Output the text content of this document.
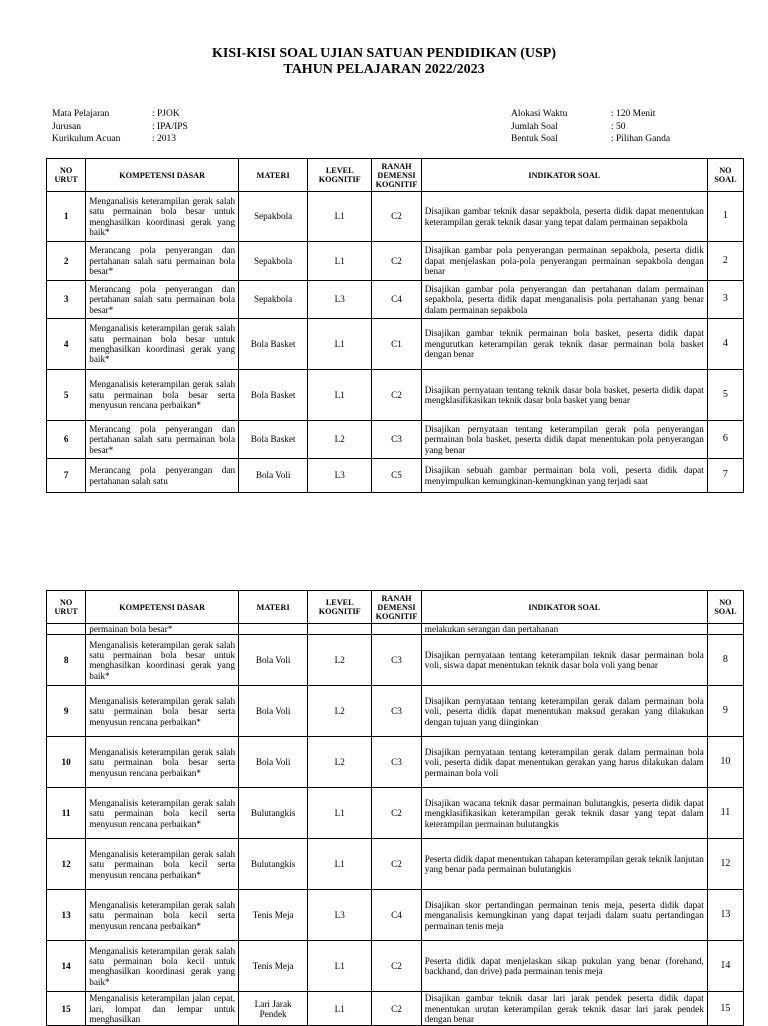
KISI-KISI SOAL UJIAN SATUAN PENDIDIKAN (USP)
TAHUN PELAJARAN 2022/2023
Mata Pelajaran	: PJOK
Jurusan	: IPA/IPS
Kurikulum Acuan	: 2013
Alokasi Waktu	: 120 Menit
Jumlah Soal	: 50
Bentuk Soal	: Pilihan Ganda
NO URUT	KOMPETENSI DASAR	MATERI	LEVEL KOGNITIF	RANAH DEMENSI KOGNITIF	INDIKATOR SOAL	NO SOAL
1	Menganalisis keterampilan gerak salah satu permainan bola besar untuk menghasilkan koordinasi gerak yang baik*	Sepakbola	L1	C2	Disajikan gambar teknik dasar sepakbola, peserta didik dapat menentukan keterampilan gerak teknik dasar yang tepat dalam permainan sepakbola	1
2	Merancang pola penyerangan dan pertahanan salah satu permainan bola besar*	Sepakbola	L1	C2	Disajikan gambar pola penyerangan permainan sepakbola, peserta didik dapat menjelaskan pola-pola penyerangan permainan sepakbola dengan benar	2
3	Merancang pola penyerangan dan pertahanan salah satu permainan bola besar*	Sepakbola	L3	C4	Disajikan gambar pola penyerangan dan pertahanan dalam permainan sepakbola, peserta didik dapat menganalisis pola pertahanan yang benar dalam permainan sepakbola	3
4	Menganalisis keterampilan gerak salah satu permainan bola besar untuk menghasilkan koordinasi gerak yang baik*	Bola Basket	L1	C1	Disajikan gambar teknik permainan bola basket, peserta didik dapat mengurutkan keterampilan gerak teknik dasar permainan bola basket dengan benar	4
5	Menganalisis keterampilan gerak salah satu permainan bola besar serta menyusun rencana perbaikan*	Bola Basket	L1	C2	Disajikan pernyataan tentang teknik dasar bola basket, peserta didik dapat mengklasifikasikan teknik dasar bola basket yang benar	5
6	Merancang pola penyerangan dan pertahanan salah satu permainan bola besar*	Bola Basket	L2	C3	Disajikan pernyataan tentang keterampilan gerak pola penyerangan permainan bola basket, peserta didik dapat menentukan pola penyerangan yang benar	6
7	Merancang pola penyerangan dan pertahanan salah satu	Bola Voli	L3	C5	Disajikan sebuah gambar permainan bola voli, peserta didik dapat menyimpulkan kemungkinan-kemungkinan yang terjadi saat	7
NO URUT	KOMPETENSI DASAR	MATERI	LEVEL KOGNITIF	RANAH DEMENSI KOGNITIF	INDIKATOR SOAL	NO SOAL
	permainan bola besar*				melakukan serangan dan pertahanan	
8	Menganalisis keterampilan gerak salah satu permainan bola besar untuk menghasilkan koordinasi gerak yang baik*	Bola Voli	L2	C3	Disajikan pernyataan tentang keterampilan teknik dasar permainan bola voli, siswa dapat menentukan teknik dasar bola voli yang benar	8
9	Menganalisis keterampilan gerak salah satu permainan bola besar serta menyusun rencana perbaikan*	Bola Voli	L2	C3	Disajikan pernyataan tentang keterampilan gerak dalam permainan bola voli, peserta didik dapat menentukan maksud gerakan yang dilakukan dengan tujuan yang diinginkan	9
10	Menganalisis keterampilan gerak salah satu permainan bola besar serta menyusun rencana perbaikan*	Bola Voli	L2	C3	Disajikan pernyataan tentang keterampilan gerak dalam permainan bola voli, peserta didik dapat menentukan gerakan yang harus dilakukan dalam permainan bola voli	10
11	Menganalisis keterampilan gerak salah satu permainan bola kecil serta menyusun rencana perbaikan*	Bulutangkis	L1	C2	Disajikan wacana teknik dasar permainan bulutangkis, peserta didik dapat mengklasifikasikan keterampilan gerak teknik dasar yang tepat dalam keterampilan permainan bulutangkis	11
12	Menganalisis keterampilan gerak salah satu permainan bola kecil serta menyusun rencana perbaikan*	Bulutangkis	L1	C2	Peserta didik dapat menentukan tahapan keterampilan gerak teknik lanjutan yang benar pada permainan bulutangkis	12
13	Menganalisis keterampilan gerak salah satu permainan bola kecil serta menyusun rencana perbaikan*	Tenis Meja	L3	C4	Disajikan skor pertandingan permainan tenis meja, peserta didik dapat menganalisis kemungkinan yang dapat terjadi dalam suatu pertandingan permainan tenis meja	13
14	Menganalisis keterampilan gerak salah satu permainan bola kecil untuk menghasilkan koordinasi gerak yang baik*	Tenis Meja	L1	C2	Peserta didik dapat menjelaskan sikap pukulan yang benar (forehand, backhand, dan drive) pada permainan tenis meja	14
15	Menganalisis keterampilan jalan cepat, lari, lompat dan lempar untuk menghasilkan	Lari Jarak Pendek	L1	C2	Disajikan gambar teknik dasar lari jarak pendek peserta didik dapat menentukan urutan keterampilan gerak teknik dasar lari jarak pendek dengan benar	15
